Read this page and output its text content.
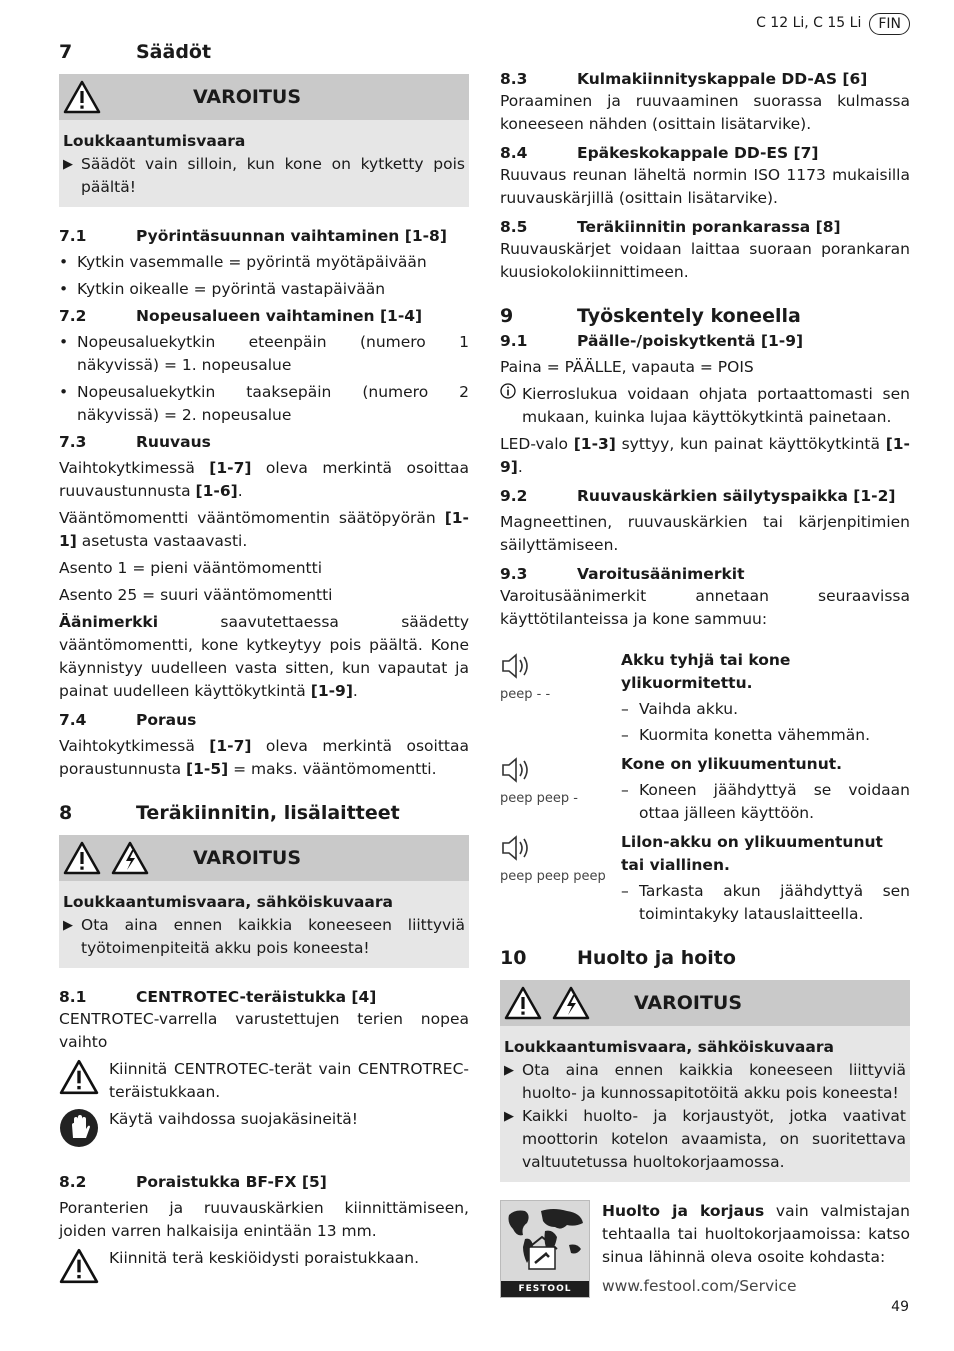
C 12 Li, C 15 Li	FIN
7	Säädöt
VAROITUS
Loukkaantumisvaara
▶ Säädöt vain silloin, kun kone on kytketty pois päältä!

7.1	Pyörintäsuunnan vaihtaminen [1-8]
• Kytkin vasemmalle = pyörintä myötäpäivään
• Kytkin oikealle = pyörintä vastapäivään
7.2	Nopeusalueen vaihtaminen [1-4]
• Nopeusaluekytkin eteenpäin (numero 1 näkyvissä) = 1. nopeusalue
• Nopeusaluekytkin taaksepäin (numero 2 näkyvissä) = 2. nopeusalue
7.3	Ruuvaus

Vaihtokytkimessä [1-7] oleva merkintä osoittaa ruuvaustunnusta [1-6].

Vääntömomentti vääntömomentin säätöpyörän [1-1] asetusta vastaavasti.

Asento 1 = pieni vääntömomentti

Asento 25 = suuri vääntömomentti

Äänimerkki saavutettaessa säädetty vääntömomentti, kone kytkeytyy pois päältä. Kone käynnistyy uudelleen vasta sitten, kun vapautat ja painat uudelleen käyttökytkintä [1-9].

7.4	Poraus

Vaihtokytkimessä [1-7] oleva merkintä osoittaa poraustunnusta [1-5] = maks. vääntömomentti.

8	Teräkiinnitin, lisälaitteet
VAROITUS
Loukkaantumisvaara, sähköiskuvaara
▶ Ota aina ennen kaikkia koneeseen liittyviä työtoimenpiteitä akku pois koneesta!

8.1	CENTROTEC-teräistukka [4]

CENTROTEC-varrella varustettujen terien nopea vaihto

Kiinnitä CENTROTEC-terät vain CENTROTREC-teräistukkaan.

Käytä vaihdossa suojakäsineitä!

8.2	Poraistukka BF-FX [5]

Poranterien ja ruuvauskärkien kiinnittämiseen, joiden varren halkaisija enintään 13 mm.

Kiinnitä terä keskiöidysti poraistukkaan.

8.3	Kulmakiinnityskappale DD-AS [6]

Poraaminen ja ruuvaaminen suorassa kulmassa koneeseen nähden (osittain lisätarvike).

8.4	Epäkeskokappale DD-ES [7]

Ruuvaus reunan läheltä normin ISO 1173 mukaisilla ruuvauskärjillä (osittain lisätarvike).

8.5	Teräkiinnitin porankarassa [8]

Ruuvauskärjet voidaan laittaa suoraan porankaran kuusiokolokiinnittimeen.

9	Työskentely koneella
9.1	Päälle-/poiskytkentä [1-9]

Paina = PÄÄLLE, vapauta = POIS

Kierroslukua voidaan ohjata portaattomasti sen mukaan, kuinka lujaa käyttökytkintä painetaan.

LED-valo [1-3] syttyy, kun painat käyttökytkintä [1-9].

9.2	Ruuvauskärkien säilytyspaikka [1-2]

Magneettinen, ruuvauskärkien tai kärjenpitimien säilyttämiseen.

9.3	Varoitusäänimerkit

Varoitusäänimerkit annetaan seuraavissa käyttötilanteissa ja kone sammuu:

peep - -
Akku tyhjä tai kone ylikuormitettu.
– Vaihda akku.
– Kuormita konetta vähemmän.
peep peep -
Kone on ylikuumentunut.
– Koneen jäähdyttyä se voidaan ottaa jälleen käyttöön.
peep peep peep
Lilon-akku on ylikuumentunut tai viallinen.
– Tarkasta akun jäähdyttyä sen toimintakyky latauslaitteella.
10	Huolto ja hoito
VAROITUS
Loukkaantumisvaara, sähköiskuvaara
▶ Ota aina ennen kaikkia koneeseen liittyviä huolto- ja kunnossapitotöitä akku pois koneesta!

▶ Kaikki huolto- ja korjaustyöt, jotka vaativat moottorin kotelon avaamista, on suoritettava valtuutetussa huoltokorjaamossa.

FESTOOL

Huolto ja korjaus vain valmistajan tehtaalla tai huoltokorjaamoissa: katso sinua lähinnä oleva osoite kohdasta:

www.festool.com/Service
49
